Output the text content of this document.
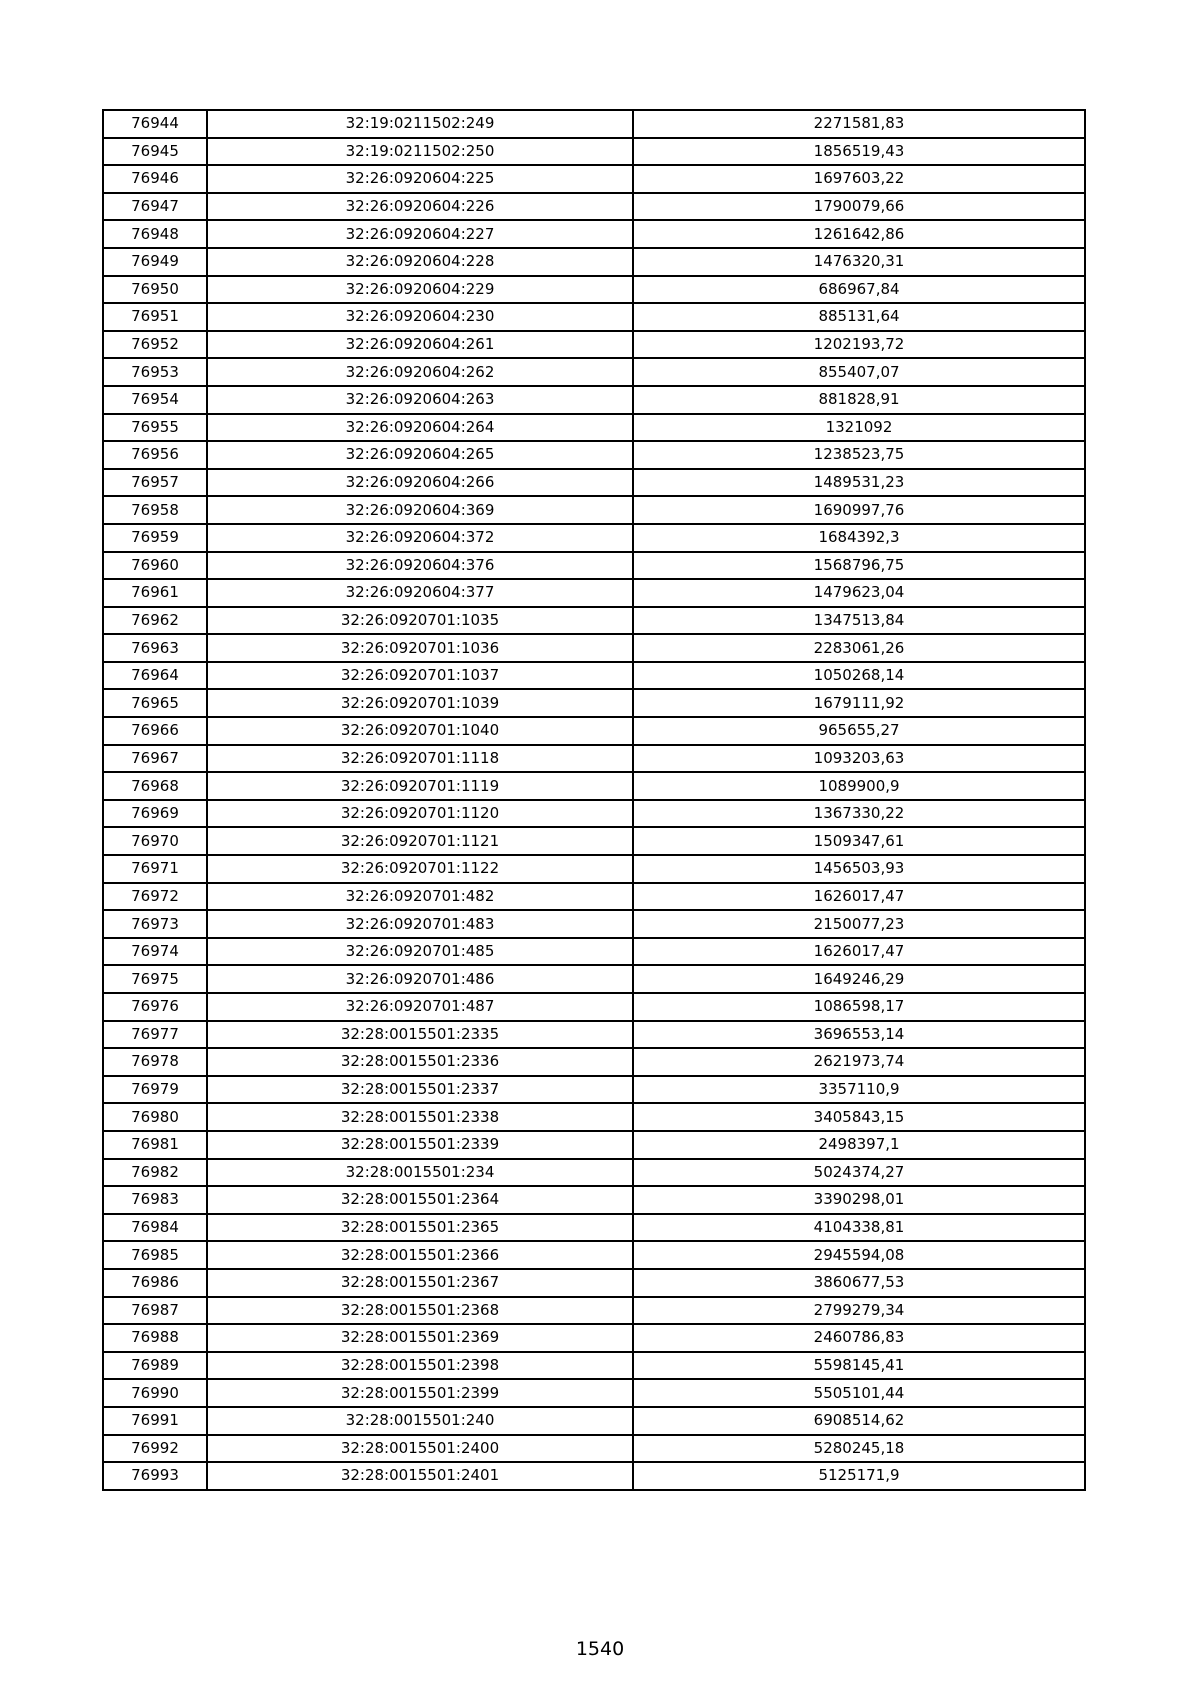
76944	32:19:0211502:249	2271581,83
76945	32:19:0211502:250	1856519,43
76946	32:26:0920604:225	1697603,22
76947	32:26:0920604:226	1790079,66
76948	32:26:0920604:227	1261642,86
76949	32:26:0920604:228	1476320,31
76950	32:26:0920604:229	686967,84
76951	32:26:0920604:230	885131,64
76952	32:26:0920604:261	1202193,72
76953	32:26:0920604:262	855407,07
76954	32:26:0920604:263	881828,91
76955	32:26:0920604:264	1321092
76956	32:26:0920604:265	1238523,75
76957	32:26:0920604:266	1489531,23
76958	32:26:0920604:369	1690997,76
76959	32:26:0920604:372	1684392,3
76960	32:26:0920604:376	1568796,75
76961	32:26:0920604:377	1479623,04
76962	32:26:0920701:1035	1347513,84
76963	32:26:0920701:1036	2283061,26
76964	32:26:0920701:1037	1050268,14
76965	32:26:0920701:1039	1679111,92
76966	32:26:0920701:1040	965655,27
76967	32:26:0920701:1118	1093203,63
76968	32:26:0920701:1119	1089900,9
76969	32:26:0920701:1120	1367330,22
76970	32:26:0920701:1121	1509347,61
76971	32:26:0920701:1122	1456503,93
76972	32:26:0920701:482	1626017,47
76973	32:26:0920701:483	2150077,23
76974	32:26:0920701:485	1626017,47
76975	32:26:0920701:486	1649246,29
76976	32:26:0920701:487	1086598,17
76977	32:28:0015501:2335	3696553,14
76978	32:28:0015501:2336	2621973,74
76979	32:28:0015501:2337	3357110,9
76980	32:28:0015501:2338	3405843,15
76981	32:28:0015501:2339	2498397,1
76982	32:28:0015501:234	5024374,27
76983	32:28:0015501:2364	3390298,01
76984	32:28:0015501:2365	4104338,81
76985	32:28:0015501:2366	2945594,08
76986	32:28:0015501:2367	3860677,53
76987	32:28:0015501:2368	2799279,34
76988	32:28:0015501:2369	2460786,83
76989	32:28:0015501:2398	5598145,41
76990	32:28:0015501:2399	5505101,44
76991	32:28:0015501:240	6908514,62
76992	32:28:0015501:2400	5280245,18
76993	32:28:0015501:2401	5125171,9
1540
